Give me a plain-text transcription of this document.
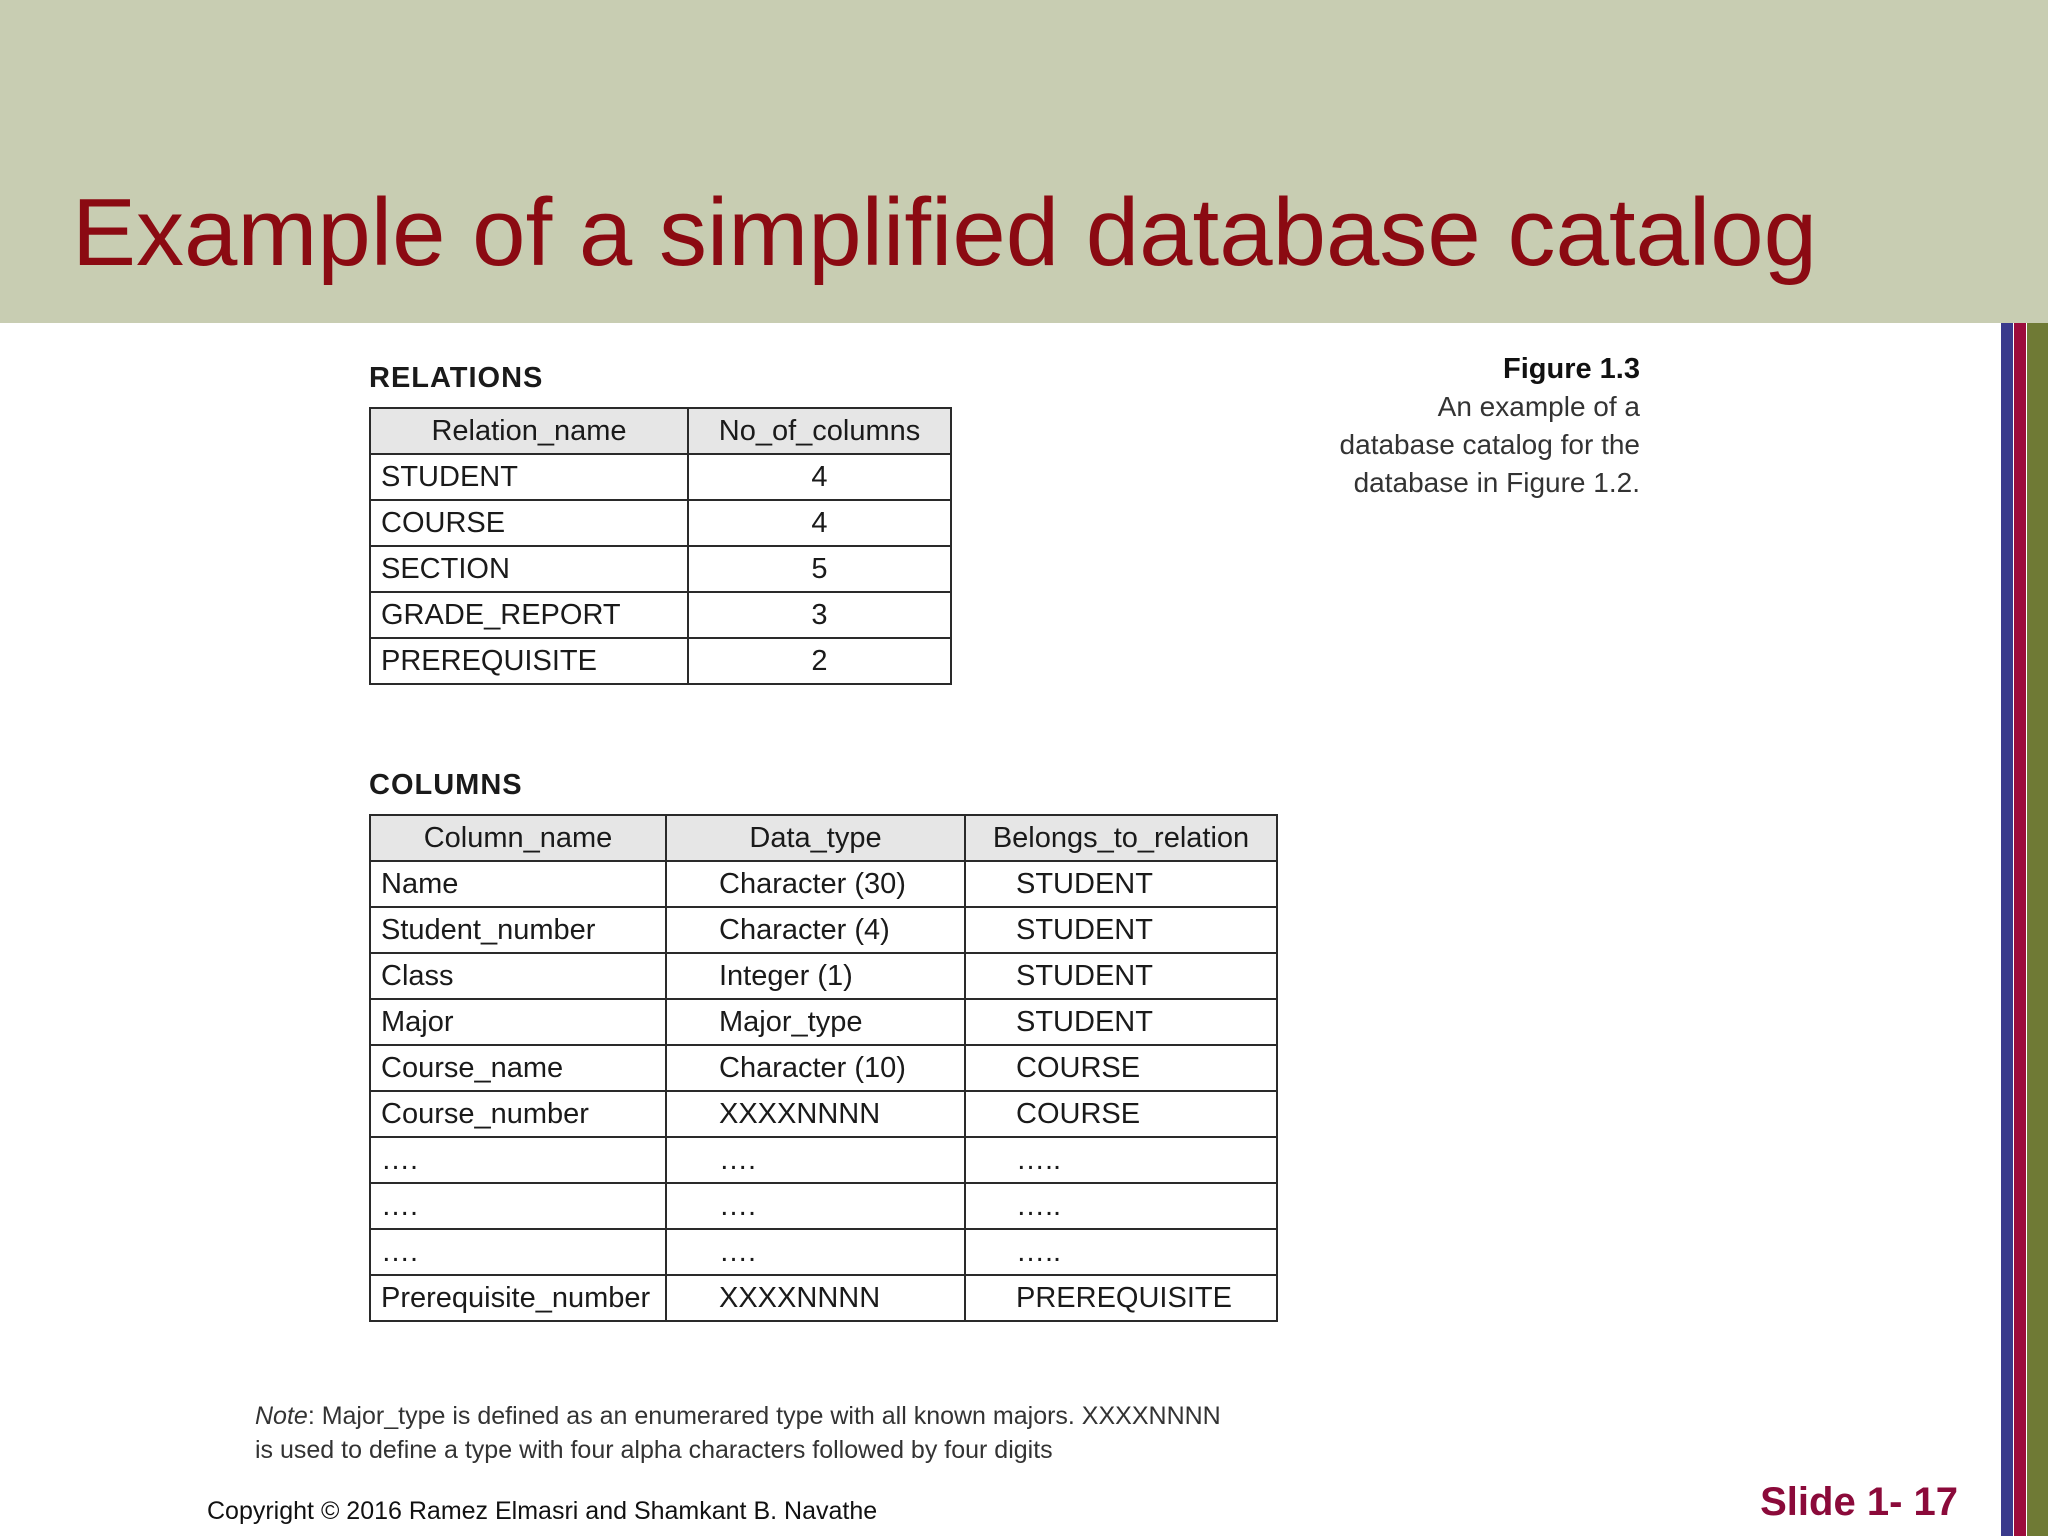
Example of a simplified database catalog
RELATIONS
Relation_name	No_of_columns
STUDENT	4
COURSE	4
SECTION	5
GRADE_REPORT	3
PREREQUISITE	2
Figure 1.3
An example of a
database catalog for the
database in Figure 1.2.
COLUMNS
Column_name	Data_type	Belongs_to_relation
Name	Character (30)	STUDENT
Student_number	Character (4)	STUDENT
Class	Integer (1)	STUDENT
Major	Major_type	STUDENT
Course_name	Character (10)	COURSE
Course_number	XXXXNNNN	COURSE
….	….	…..
….	….	…..
….	….	…..
Prerequisite_number	XXXXNNNN	PREREQUISITE
Note: Major_type is defined as an enumerared type with all known majors. XXXXNNNN
is used to define a type with four alpha characters followed by four digits
Copyright © 2016 Ramez Elmasri and Shamkant B. Navathe	Slide 1- 17
